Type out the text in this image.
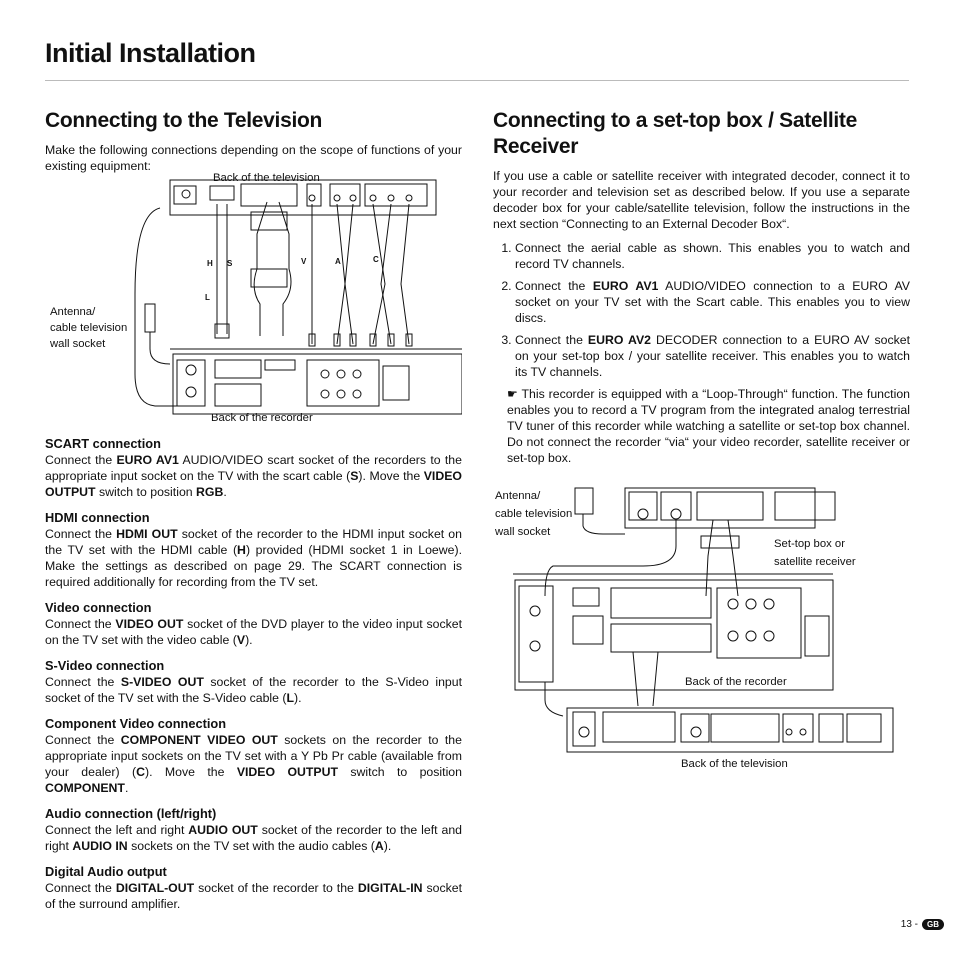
Initial Installation
Connecting to the Television

Make the following connections depending on the scope of functions of your existing equipment:

Back of the television
Antenna/
cable television
wall socket
H S
L
V	A	C
Back of the recorder
SCART connection

Connect the EURO AV1 AUDIO/VIDEO scart socket of the recorders to the appropriate input socket on the TV with the scart cable (S). Move the VIDEO OUTPUT switch to position RGB.

HDMI connection

Connect the HDMI OUT socket of the recorder to the HDMI input socket on the TV set with the HDMI cable (H) provided (HDMI socket 1 in Loewe). Make the settings as described on page 29. The SCART connection is required additionally for recording from the TV set.

Video connection

Connect the VIDEO OUT socket of the DVD player to the video input socket on the TV set with the video cable (V).

S-Video connection

Connect the S-VIDEO OUT socket of the recorder to the S-Video input socket of the TV set with the S-Video cable (L).

Component Video connection

Connect the COMPONENT VIDEO OUT sockets on the recorder to the appropriate input sockets on the TV set with a Y Pb Pr cable (available from your dealer) (C). Move the VIDEO OUTPUT switch to position COMPONENT.

Audio connection (left/right)

Connect the left and right AUDIO OUT socket of the recorder to the left and right AUDIO IN sockets on the TV set with the audio cables (A).

Digital Audio output

Connect the DIGITAL-OUT socket of the recorder to the DIGITAL-IN socket of the surround amplifier.

Connecting to a set-top box / Satellite Receiver

If you use a cable or satellite receiver with integrated decoder, connect it to your recorder and television set as described below. If you use a separate decoder box for your cable/satellite television, follow the instructions in the next section “Connecting to an External Decoder Box“.

1. Connect the aerial cable as shown. This enables you to watch and record TV channels.
2. Connect the EURO AV1 AUDIO/VIDEO connection to a EURO AV socket on your TV set with the Scart cable. This enables you to view discs.
3. Connect the EURO AV2 DECODER connection to a EURO AV socket on your set-top box / your satellite receiver. This enables you to watch its TV channels.

☛ This recorder is equipped with a “Loop-Through“ function. The function enables you to record a TV program from the integrated analog terrestrial TV tuner of this recorder while watching a satellite or set-top box channel. Do not connect the recorder “via“ your video recorder, satellite receiver or set-top box.

Antenna/
cable television
wall socket
Set-top box or
satellite receiver
Back of the recorder
Back of the television
13 -	GB
